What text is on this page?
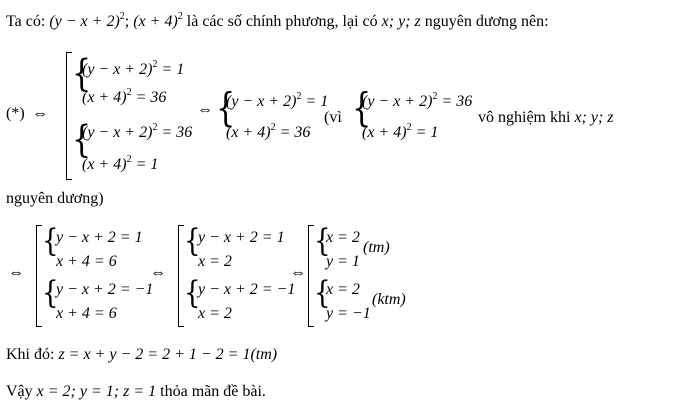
Ta có: $(y - x + 2)^2$; $(x + 4)^2$ là các số chính phương, lại có x; y; z nguyên dương nên:
(*) ⇔
{
{
$(y - x + 2)^2 = 1$
$(x + 4)^2 = 36$
$(y - x + 2)^2 = 36$
$(x + 4)^2 = 1$
⇔ {
$(y - x + 2)^2 = 1$
$(x + 4)^2 = 36$
(vì {
$(y - x + 2)^2 = 36$
$(x + 4)^2 = 1$
vô nghiệm khi x; y; z
nguyên dương)
⇔
{
{
y − x + 2 = 1
x + 4 = 6
y − x + 2 = −1
x + 4 = 6
⇔
{
{
y − x + 2 = 1
x = 2
y − x + 2 = −1
x = 2
⇔
{
{
x = 2
y = 1
(tm)
x = 2
y = −1
(ktm)
Khi đó: z = x + y − 2 = 2 + 1 − 2 = 1(tm)
Vậy x = 2; y = 1; z = 1 thỏa mãn đề bài.
